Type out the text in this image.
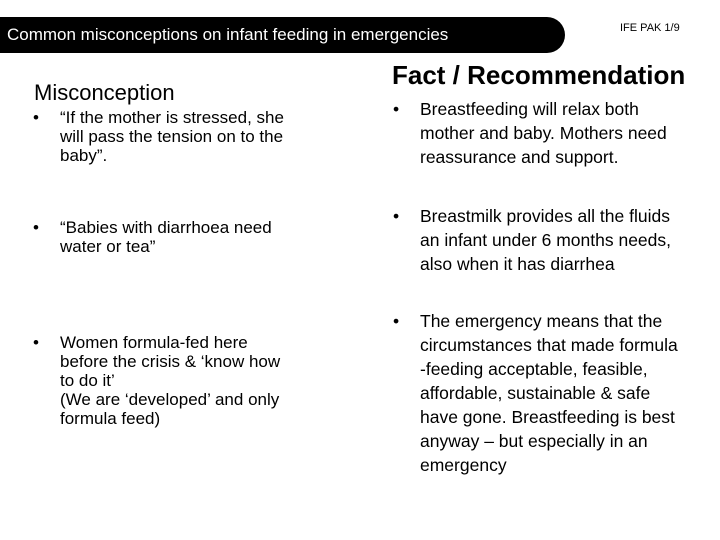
Common misconceptions on infant feeding in emergencies	IFE PAK 1/9
Misconception
Fact / Recommendation
•	“If the mother is stressed, she
will pass the tension on to the
baby”.
•	“Babies with diarrhoea need
water or tea”
•	Women formula-fed here
before the crisis & ‘know how
to do it’
(We are ‘developed’ and only
formula feed)
•	Breastfeeding will relax both
mother and baby. Mothers need
reassurance and support.
•	Breastmilk provides all the fluids
an infant under 6 months needs,
also when it has diarrhea
•	The emergency means that the
circumstances that made formula
-feeding acceptable, feasible,
affordable, sustainable & safe
have gone. Breastfeeding is best
anyway – but especially in an
emergency
